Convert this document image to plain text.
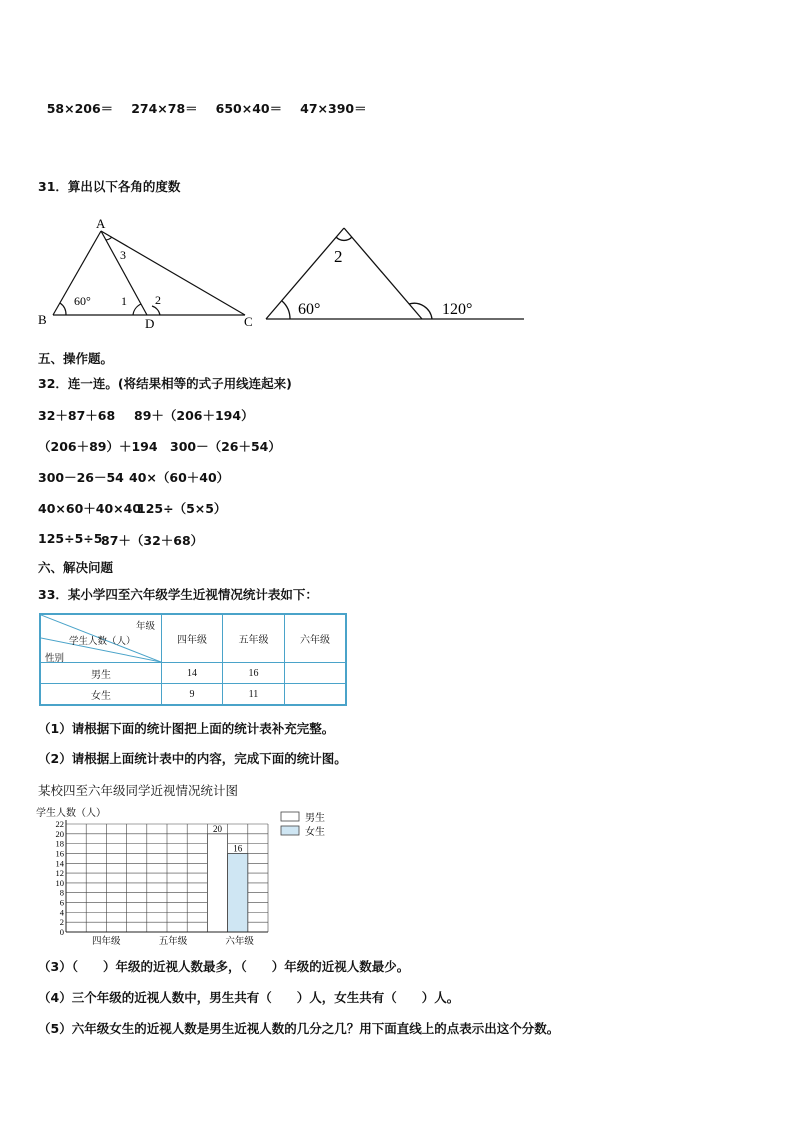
58×206＝ 274×78＝ 650×40＝ 47×390＝

31．算出以下各角的度数
A
B	C
D
60°	1 2
3	2
60°	120°
五、操作题。
32．连一连。(将结果相等的式子用线连起来)
32＋87＋68 89＋（206＋194）
（206＋89）＋194 300－（26＋54）
300－26－54 40×（60＋40）
40×60＋40×40
125÷（5×5）
125÷5÷5
87＋（32＋68）
六、解决问题
33．某小学四至六年级学生近视情况统计表如下：
年级
学生人数（人）
性别	四年级	五年级	六年级
男生	14	16	
女生	9	11	
（1）请根据下面的统计图把上面的统计表补充完整。
（2）请根据上面统计表中的内容，完成下面的统计图。
某校四至六年级同学近视情况统计图
学生人数（人）
0
2
4
6
8
10
12
14
16
18
20
22
四年级	五年级	六年级
20
16
男生
女生
（3）（　　）年级的近视人数最多，（　　）年级的近视人数最少。
（4）三个年级的近视人数中，男生共有（　　）人，女生共有（　　）人。
（5）六年级女生的近视人数是男生近视人数的几分之几？用下面直线上的点表示出这个分数。
